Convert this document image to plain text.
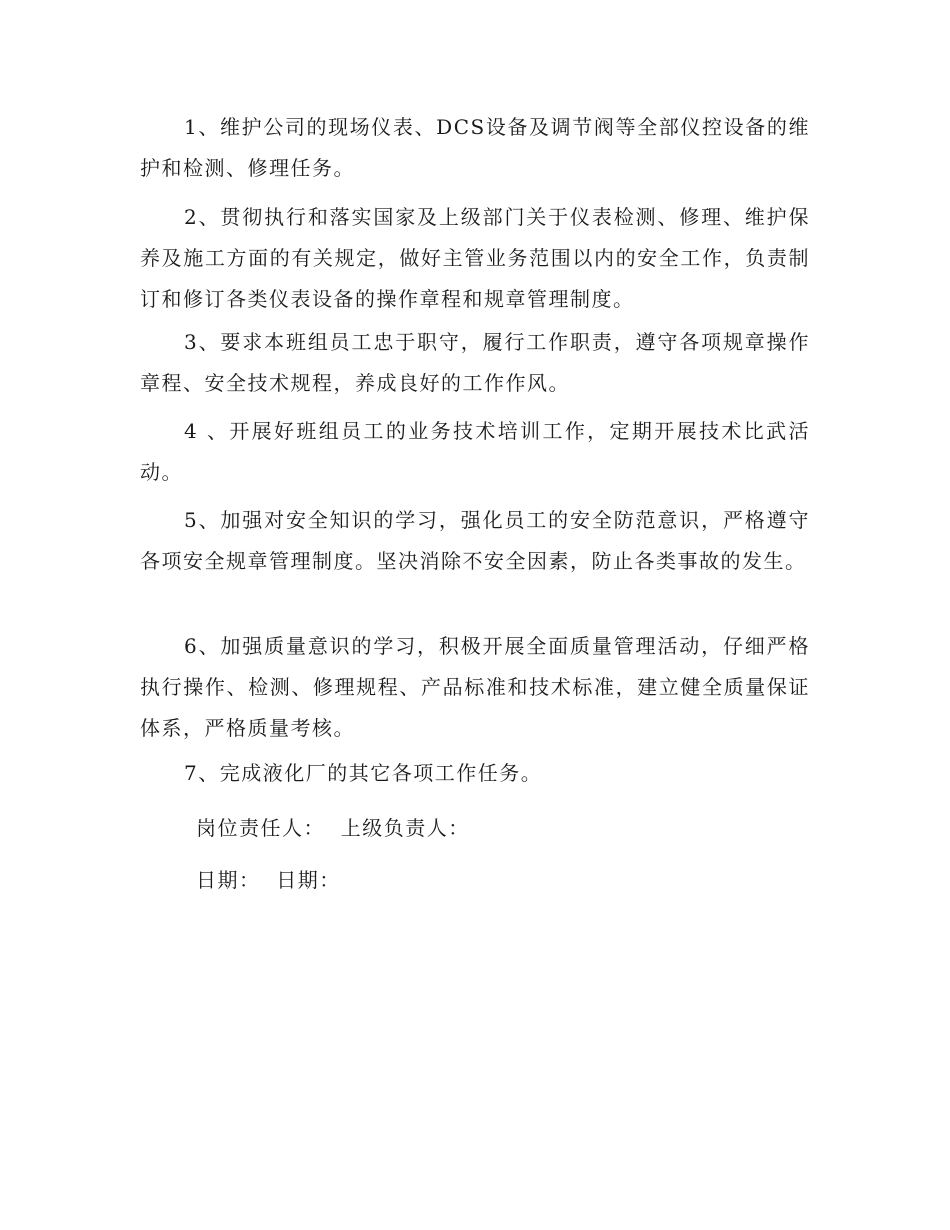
1、维护公司的现场仪表、DCS设备及调节阀等全部仪控设备的维护和检测、修理任务。

2、贯彻执行和落实国家及上级部门关于仪表检测、修理、维护保养及施工方面的有关规定，做好主管业务范围以内的安全工作，负责制订和修订各类仪表设备的操作章程和规章管理制度。

3、要求本班组员工忠于职守，履行工作职责，遵守各项规章操作章程、安全技术规程，养成良好的工作作风。

4 、开展好班组员工的业务技术培训工作，定期开展技术比武活动。

5、加强对安全知识的学习，强化员工的安全防范意识，严格遵守各项安全规章管理制度。坚决消除不安全因素，防止各类事故的发生。

6、加强质量意识的学习，积极开展全面质量管理活动，仔细严格执行操作、检测、修理规程、产品标准和技术标准，建立健全质量保证体系，严格质量考核。

7、完成液化厂的其它各项工作任务。

岗位责任人：  上级负责人：
日期：  日期：
